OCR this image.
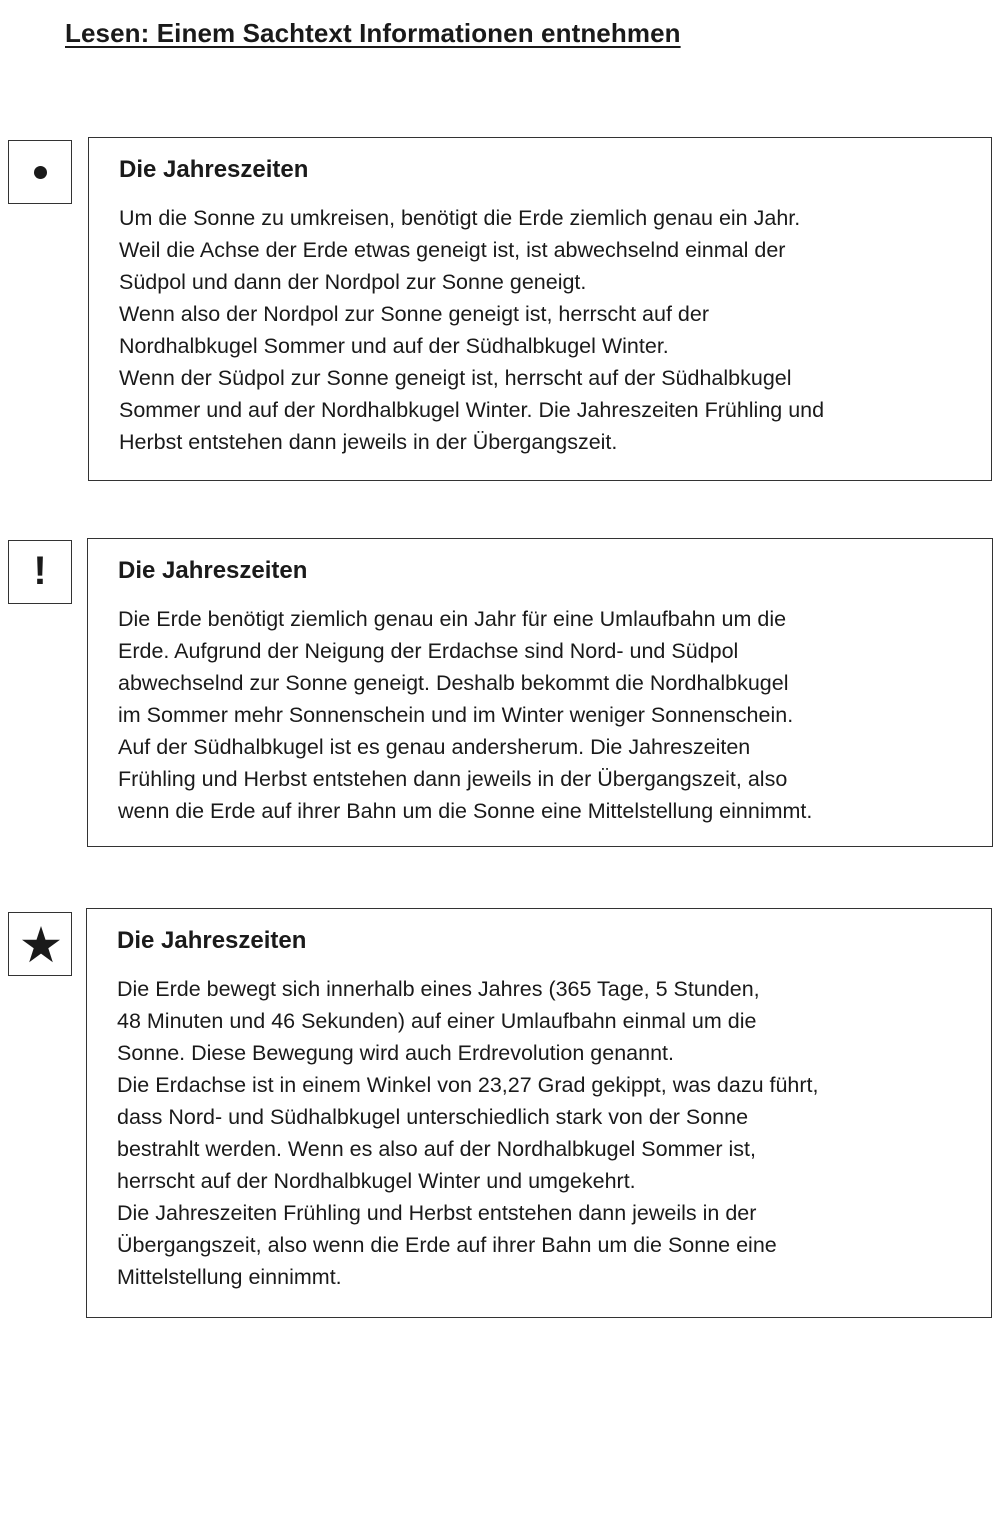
Lesen: Einem Sachtext Informationen entnehmen
Die Jahreszeiten
Um die Sonne zu umkreisen, benötigt die Erde ziemlich genau ein Jahr.
Weil die Achse der Erde etwas geneigt ist, ist abwechselnd einmal der
Südpol und dann der Nordpol zur Sonne geneigt.
Wenn also der Nordpol zur Sonne geneigt ist, herrscht auf der
Nordhalbkugel Sommer und auf der Südhalbkugel Winter.
Wenn der Südpol zur Sonne geneigt ist, herrscht auf der Südhalbkugel
Sommer und auf der Nordhalbkugel Winter. Die Jahreszeiten Frühling und
Herbst entstehen dann jeweils in der Übergangszeit.
!	Die Jahreszeiten
Die Erde benötigt ziemlich genau ein Jahr für eine Umlaufbahn um die
Erde. Aufgrund der Neigung der Erdachse sind Nord- und Südpol
abwechselnd zur Sonne geneigt. Deshalb bekommt die Nordhalbkugel
im Sommer mehr Sonnenschein und im Winter weniger Sonnenschein.
Auf der Südhalbkugel ist es genau andersherum. Die Jahreszeiten
Frühling und Herbst entstehen dann jeweils in der Übergangszeit, also
wenn die Erde auf ihrer Bahn um die Sonne eine Mittelstellung einnimmt.
Die Jahreszeiten
Die Erde bewegt sich innerhalb eines Jahres (365 Tage, 5 Stunden,
48 Minuten und 46 Sekunden) auf einer Umlaufbahn einmal um die
Sonne. Diese Bewegung wird auch Erdrevolution genannt.
Die Erdachse ist in einem Winkel von 23,27 Grad gekippt, was dazu führt,
dass Nord- und Südhalbkugel unterschiedlich stark von der Sonne
bestrahlt werden. Wenn es also auf der Nordhalbkugel Sommer ist,
herrscht auf der Nordhalbkugel Winter und umgekehrt.
Die Jahreszeiten Frühling und Herbst entstehen dann jeweils in der
Übergangszeit, also wenn die Erde auf ihrer Bahn um die Sonne eine
Mittelstellung einnimmt.
